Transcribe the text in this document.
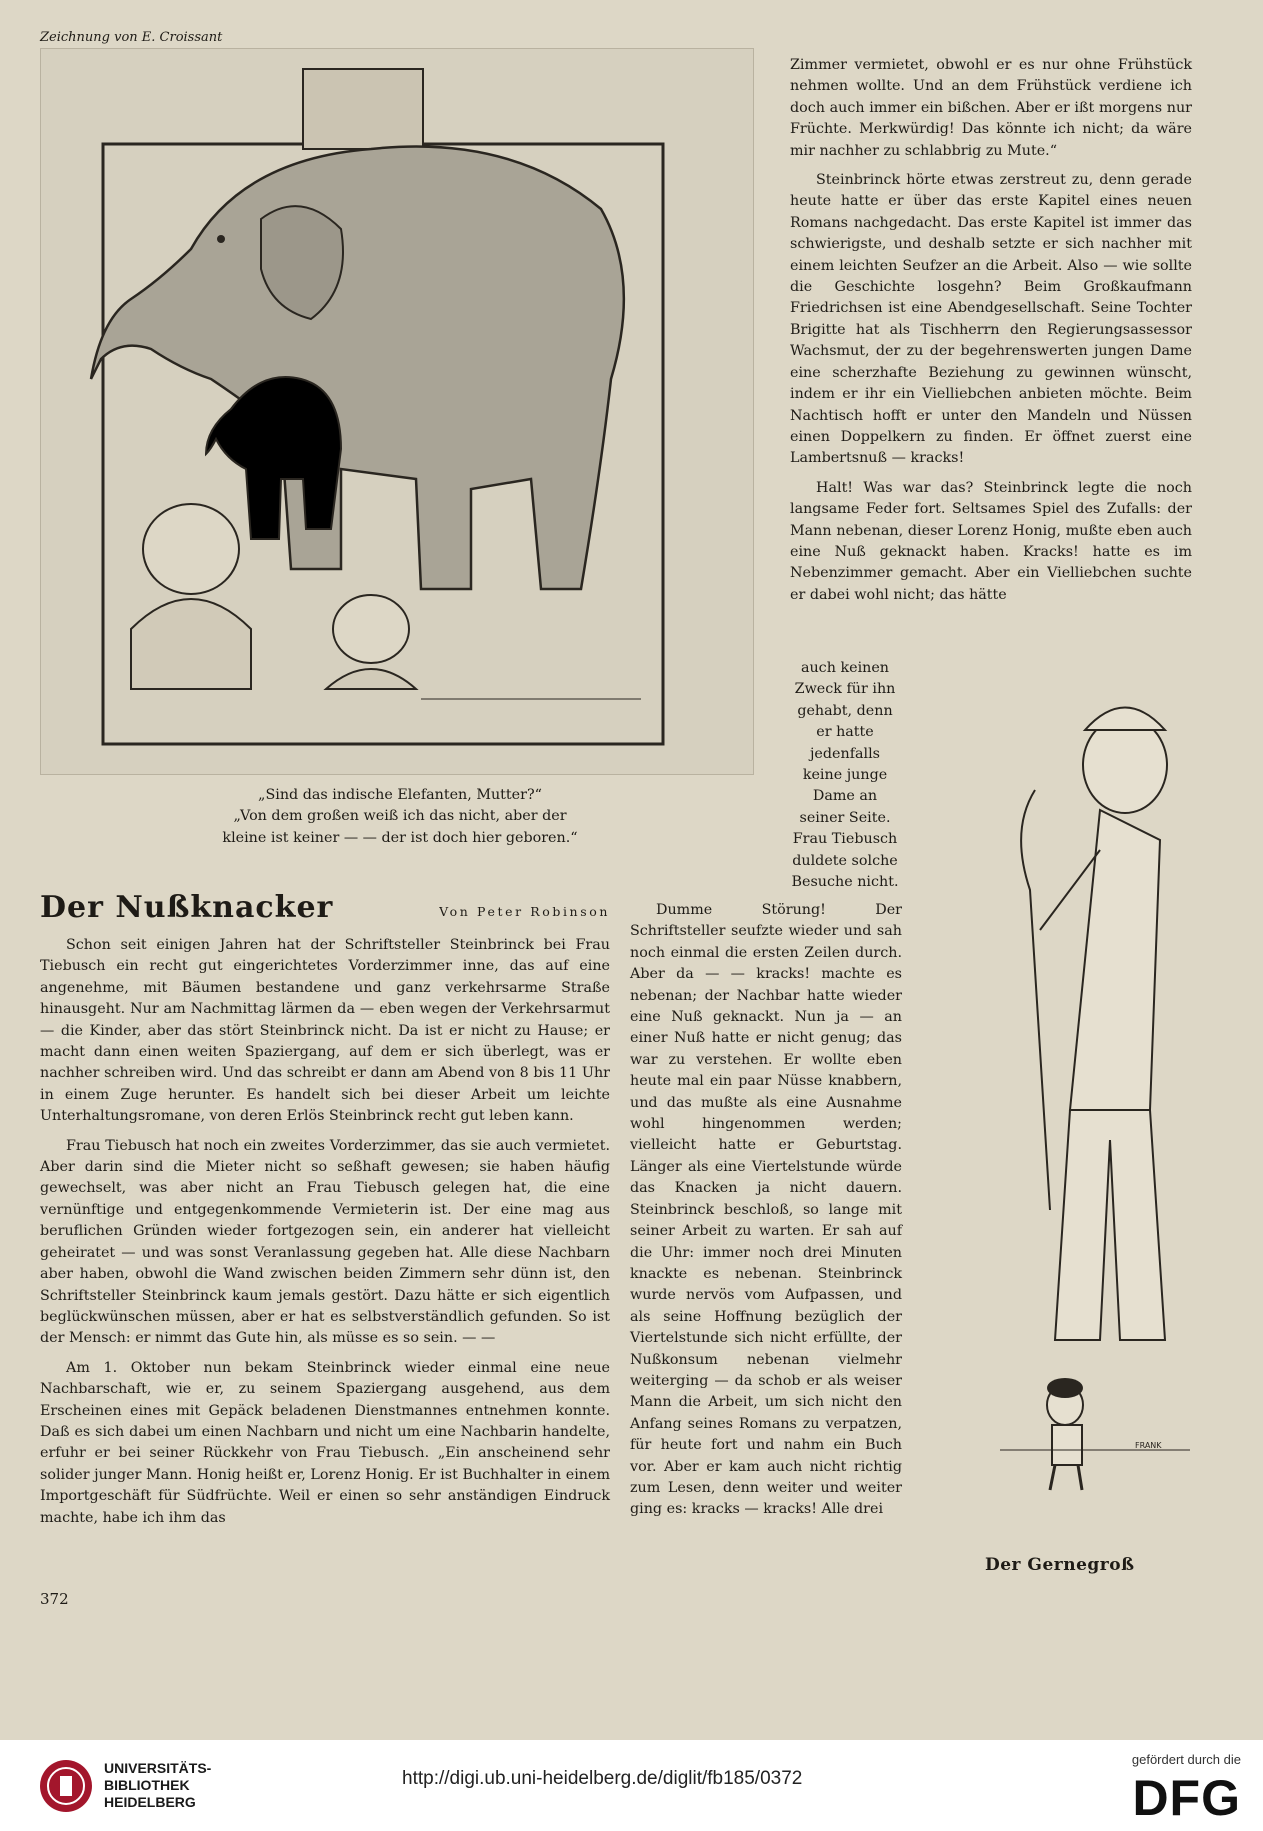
Zeichnung von E. Croissant
„Sind das indische Elefanten, Mutter?“
„Von dem großen weiß ich das nicht, aber der
kleine ist keiner — — der ist doch hier geboren.“

Zimmer vermietet, obwohl er es nur ohne Frühstück nehmen wollte. Und an dem Frühstück verdiene ich doch auch immer ein bißchen. Aber er ißt morgens nur Früchte. Merkwürdig! Das könnte ich nicht; da wäre mir nachher zu schlabbrig zu Mute.“

Steinbrinck hörte etwas zerstreut zu, denn gerade heute hatte er über das erste Kapitel eines neuen Romans nachgedacht. Das erste Kapitel ist immer das schwierigste, und deshalb setzte er sich nachher mit einem leichten Seufzer an die Arbeit. Also — wie sollte die Geschichte losgehn? Beim Großkaufmann Friedrichsen ist eine Abendgesellschaft. Seine Tochter Brigitte hat als Tischherrn den Regierungsassessor Wachsmut, der zu der begehrenswerten jungen Dame eine scherzhafte Beziehung zu gewinnen wünscht, indem er ihr ein Vielliebchen anbieten möchte. Beim Nachtisch hofft er unter den Mandeln und Nüssen einen Doppelkern zu finden. Er öffnet zuerst eine Lambertsnuß — kracks!

Halt! Was war das? Steinbrinck legte die noch langsame Feder fort. Seltsames Spiel des Zufalls: der Mann nebenan, dieser Lorenz Honig, mußte eben auch eine Nuß geknackt haben. Kracks! hatte es im Nebenzimmer gemacht. Aber ein Vielliebchen suchte er dabei wohl nicht; das hätte

auch keinen Zweck für ihn gehabt, denn er hatte jedenfalls keine junge Dame an seiner Seite. Frau Tiebusch duldete solche Besuche nicht.

Der Nußknacker	Von Peter Robinson

Schon seit einigen Jahren hat der Schriftsteller Steinbrinck bei Frau Tiebusch ein recht gut eingerichtetes Vorderzimmer inne, das auf eine angenehme, mit Bäumen bestandene und ganz verkehrsarme Straße hinausgeht. Nur am Nachmittag lärmen da — eben wegen der Verkehrsarmut — die Kinder, aber das stört Steinbrinck nicht. Da ist er nicht zu Hause; er macht dann einen weiten Spaziergang, auf dem er sich überlegt, was er nachher schreiben wird. Und das schreibt er dann am Abend von 8 bis 11 Uhr in einem Zuge herunter. Es handelt sich bei dieser Arbeit um leichte Unterhaltungsromane, von deren Erlös Steinbrinck recht gut leben kann.

Frau Tiebusch hat noch ein zweites Vorderzimmer, das sie auch vermietet. Aber darin sind die Mieter nicht so seßhaft gewesen; sie haben häufig gewechselt, was aber nicht an Frau Tiebusch gelegen hat, die eine vernünftige und entgegenkommende Vermieterin ist. Der eine mag aus beruflichen Gründen wieder fortgezogen sein, ein anderer hat vielleicht geheiratet — und was sonst Veranlassung gegeben hat. Alle diese Nachbarn aber haben, obwohl die Wand zwischen beiden Zimmern sehr dünn ist, den Schriftsteller Steinbrinck kaum jemals gestört. Dazu hätte er sich eigentlich beglückwünschen müssen, aber er hat es selbstverständlich gefunden. So ist der Mensch: er nimmt das Gute hin, als müsse es so sein. — —

Am 1. Oktober nun bekam Steinbrinck wieder einmal eine neue Nachbarschaft, wie er, zu seinem Spaziergang ausgehend, aus dem Erscheinen eines mit Gepäck beladenen Dienstmannes entnehmen konnte. Daß es sich dabei um einen Nachbarn und nicht um eine Nachbarin handelte, erfuhr er bei seiner Rückkehr von Frau Tiebusch. „Ein anscheinend sehr solider junger Mann. Honig heißt er, Lorenz Honig. Er ist Buchhalter in einem Importgeschäft für Südfrüchte. Weil er einen so sehr anständigen Eindruck machte, habe ich ihm das

Dumme Störung! Der Schriftsteller seufzte wieder und sah noch einmal die ersten Zeilen durch. Aber da — — kracks! machte es nebenan; der Nachbar hatte wieder eine Nuß geknackt. Nun ja — an einer Nuß hatte er nicht genug; das war zu verstehen. Er wollte eben heute mal ein paar Nüsse knabbern, und das mußte als eine Ausnahme wohl hingenommen werden; vielleicht hatte er Geburtstag. Länger als eine Viertelstunde würde das Knacken ja nicht dauern. Steinbrinck beschloß, so lange mit seiner Arbeit zu warten. Er sah auf die Uhr: immer noch drei Minuten knackte es nebenan. Steinbrinck wurde nervös vom Aufpassen, und als seine Hoffnung bezüglich der Viertelstunde sich nicht erfüllte, der Nußkonsum nebenan vielmehr weiterging — da schob er als weiser Mann die Arbeit, um sich nicht den Anfang seines Romans zu verpatzen, für heute fort und nahm ein Buch vor. Aber er kam auch nicht richtig zum Lesen, denn weiter und weiter ging es: kracks — kracks! Alle drei

FRANK
Der Gernegroß
372
UNIVERSITÄTS-
BIBLIOTHEK
HEIDELBERG
http://digi.ub.uni-heidelberg.de/diglit/fb185/0372
gefördert durch die
DFG
